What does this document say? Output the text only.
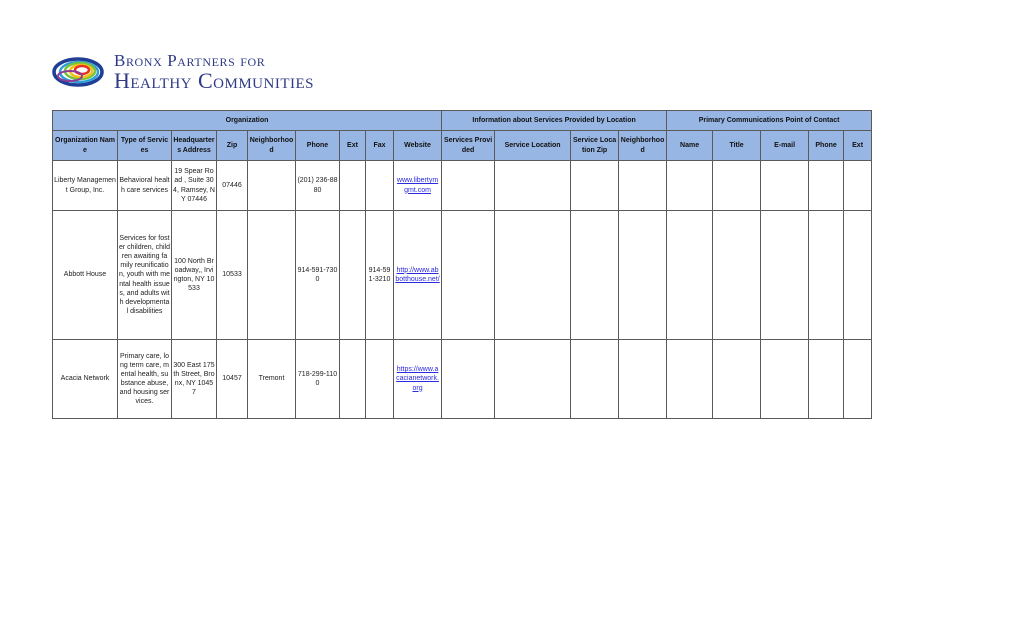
Bronx Partners for
Healthy Communities
Organization									Information about Services Provided by Location				Primary Communications Point of Contact				
Organization Name	Type of Services	Headquarters Address	Zip	Neighborhood	Phone	Ext	Fax	Website	Services Provided	Service Location	Service Location Zip	Neighborhood	Name	Title	E-mail	Phone	Ext
Liberty Management Group, Inc.	Behavioral health care services	19 Spear Road , Suite 304, Ramsey, NY 07446	07446		(201) 236-8880			www.libertymgmt.com									
Abbott House	Services for foster children, children awaiting family reunification, youth with mental health issues, and adults with developmental disabilities	100 North Broadway,, Irvington, NY 10533	10533		914-591-7300		914-591-3210	http://www.abbotthouse.net/									
Acacia Network	Primary care, long term care, mental health, substance abuse, and housing services.	300 East 175th Street, Bronx, NY 10457	10457	Tremont	718-299-1100			https://www.acacianetwork.org									
